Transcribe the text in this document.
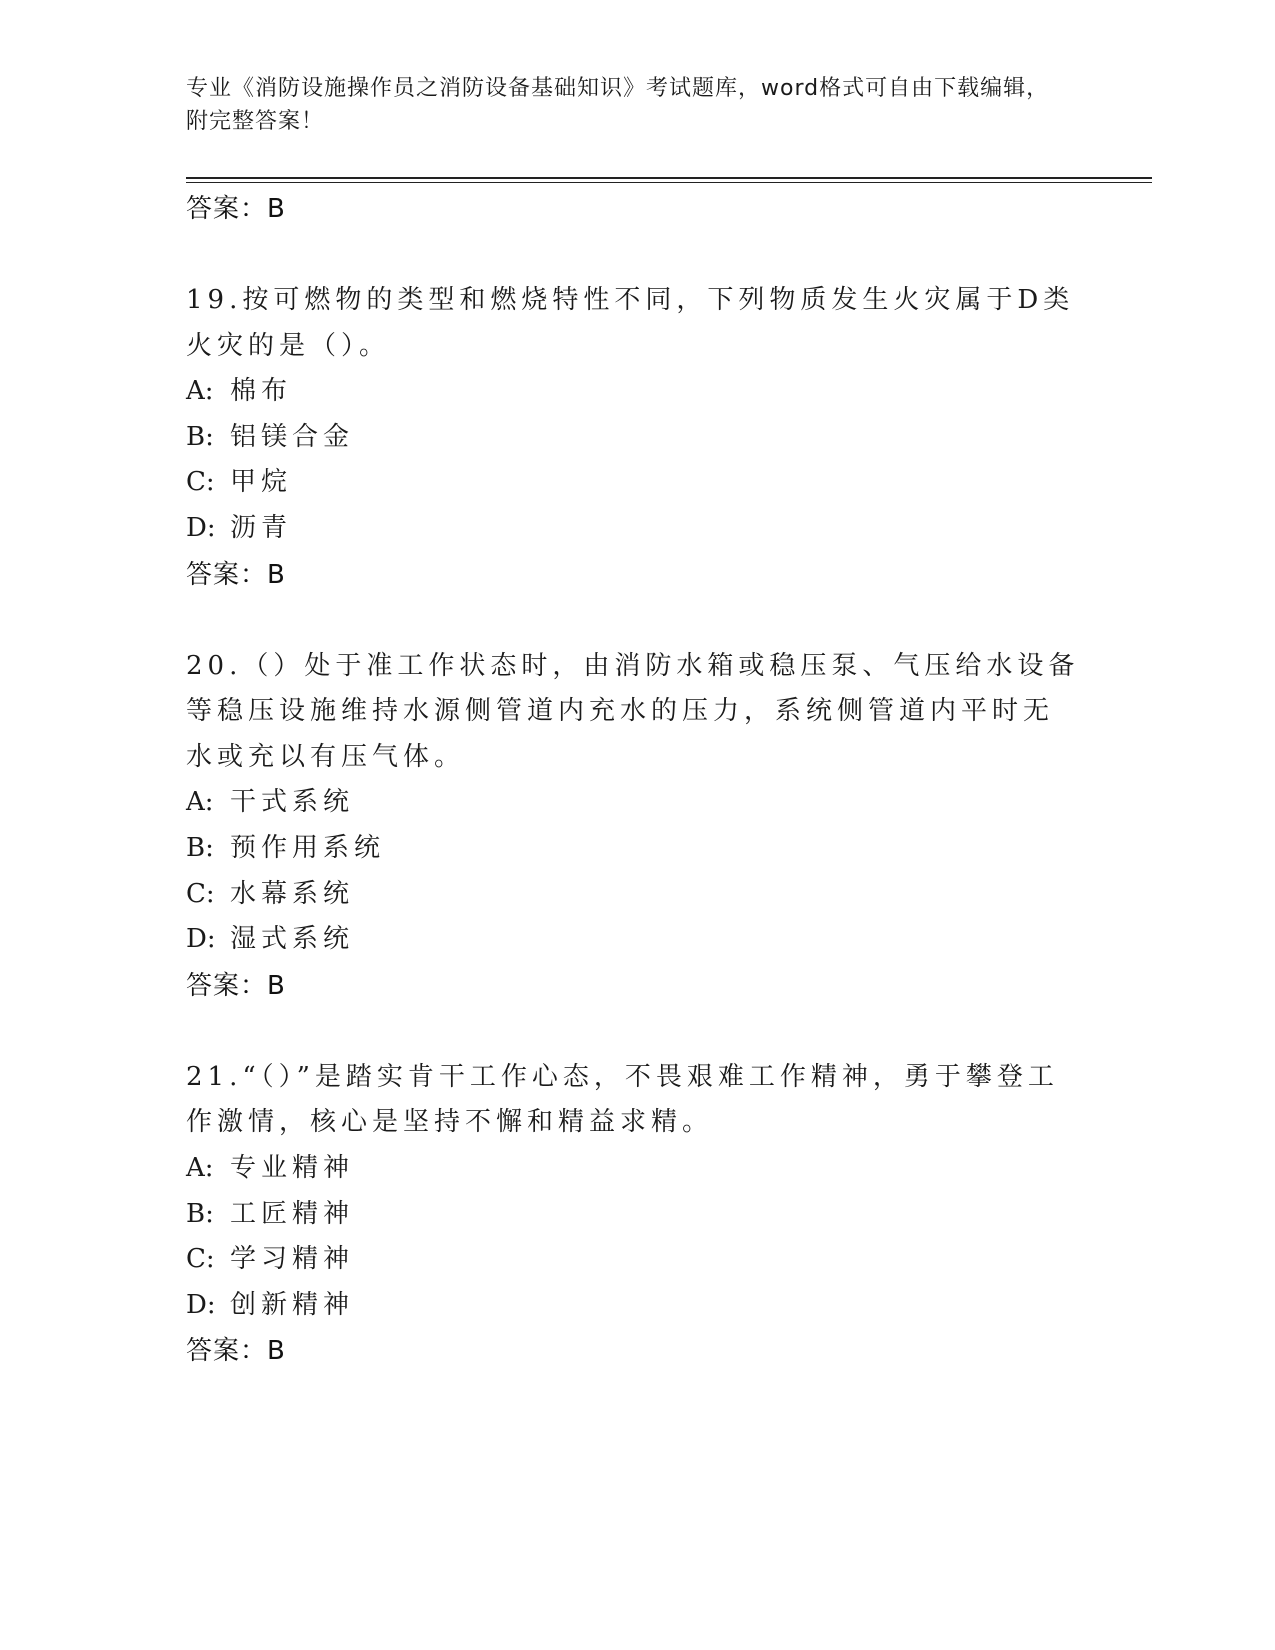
专业《消防设施操作员之消防设备基础知识》考试题库，word格式可自由下载编辑，附完整答案！
答案：B
19.按可燃物的类型和燃烧特性不同，下列物质发生火灾属于D类火灾的是（）。
A: 棉布
B: 铝镁合金
C: 甲烷
D: 沥青
答案：B
20.（）处于准工作状态时，由消防水箱或稳压泵、气压给水设备等稳压设施维持水源侧管道内充水的压力，系统侧管道内平时无水或充以有压气体。
A: 干式系统
B: 预作用系统
C: 水幕系统
D: 湿式系统
答案：B
21.“（）”是踏实肯干工作心态，不畏艰难工作精神，勇于攀登工作激情，核心是坚持不懈和精益求精。
A: 专业精神
B: 工匠精神
C: 学习精神
D: 创新精神
答案：B
